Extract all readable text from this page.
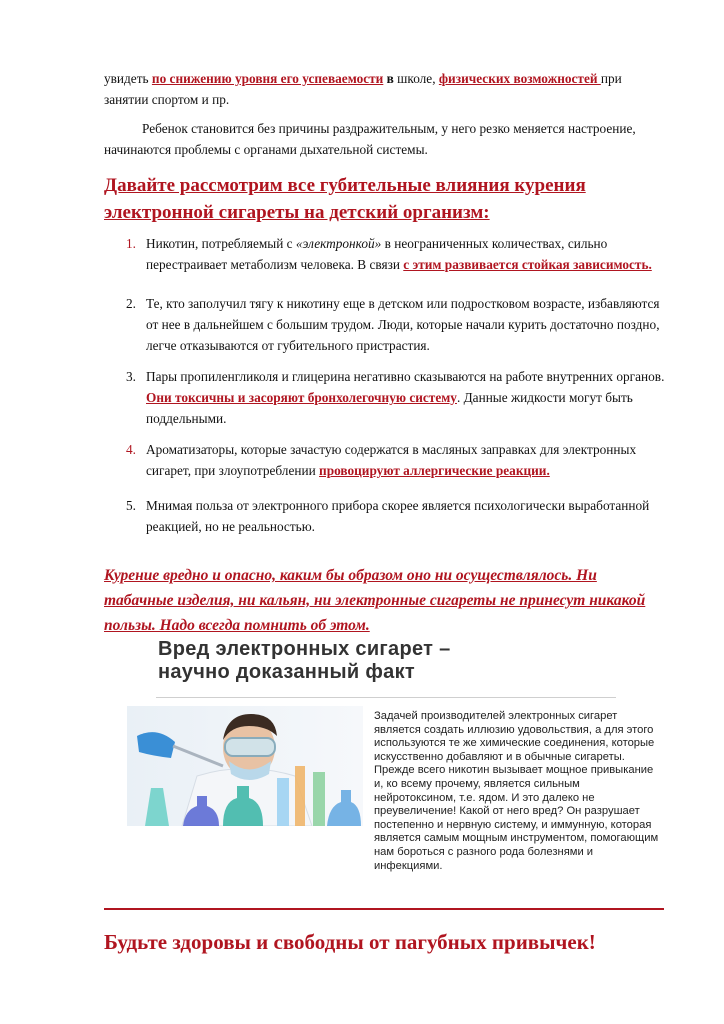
увидеть по снижению уровня его успеваемости в школе, физических возможностей при занятии спортом и пр.

Ребенок становится без причины раздражительным, у него резко меняется настроение, начинаются проблемы с органами дыхательной системы.

Давайте рассмотрим все губительные влияния курения электронной сигареты на детский организм:

1. Никотин, потребляемый с «электронкой» в неограниченных количествах, сильно перестраивает метаболизм человека. В связи с этим развивается стойкая зависимость.

2. Те, кто заполучил тягу к никотину еще в детском или подростковом возрасте, избавляются от нее в дальнейшем с большим трудом. Люди, которые начали курить достаточно поздно, легче отказываются от губительного пристрастия.

3. Пары пропиленгликоля и глицерина негативно сказываются на работе внутренних органов. Они токсичны и засоряют бронхолегочную систему. Данные жидкости могут быть поддельными.

4. Ароматизаторы, которые зачастую содержатся в масляных заправках для электронных сигарет, при злоупотреблении провоцируют аллергические реакции.

5. Мнимая польза от электронного прибора скорее является психологически выработанной реакцией, но не реальностью.

Курение вредно и опасно, каким бы образом оно ни осуществлялось. Ни табачные изделия, ни кальян, ни электронные сигареты не принесут никакой пользы. Надо всегда помнить об этом.

Вред электронных сигарет –
научно доказанный факт

Задачей производителей электронных сигарет является создать иллюзию удовольствия, а для этого используются те же химические соединения, которые искусственно добавляют и в обычные сигареты. Прежде всего никотин вызывает мощное привыкание и, ко всему прочему, является сильным нейротоксином, т.е. ядом. И это далеко не преувеличение! Какой от него вред? Он разрушает постепенно и нервную систему, и иммунную, которая является самым мощным инструментом, помогающим нам бороться с разного рода болезнями и инфекциями.

Будьте здоровы и свободны от пагубных привычек!
